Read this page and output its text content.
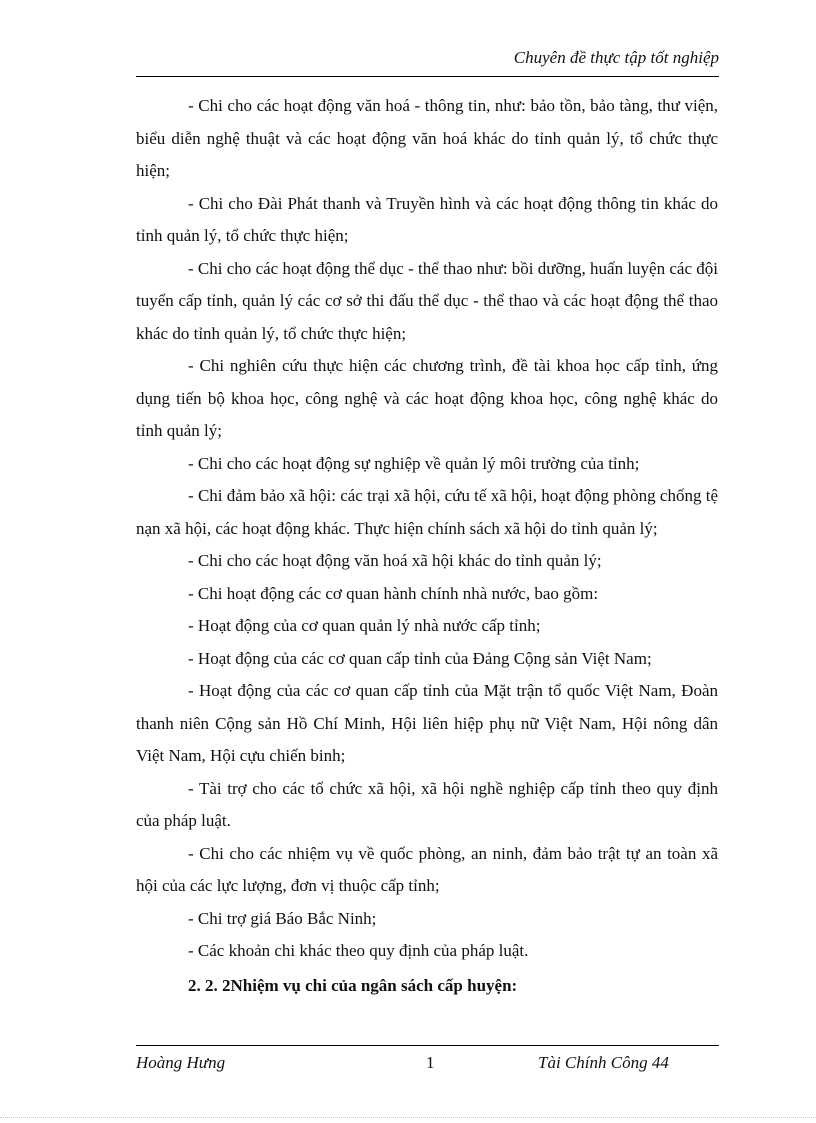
Chuyên đề thực tập tốt nghiệp

- Chi cho các hoạt động văn hoá - thông tin, như: bảo tồn, bảo tàng, thư viện, biểu diễn nghệ thuật và các hoạt động văn hoá khác do tỉnh quản lý, tổ chức thực hiện;

- Chi cho Đài Phát thanh và Truyền hình và các hoạt động thông tin khác do tỉnh quản lý, tổ chức thực hiện;

- Chi cho các hoạt động thể dục - thể thao như: bồi dưỡng, huấn luyện các đội tuyển cấp tỉnh, quản lý các cơ sở thi đấu thể dục - thể thao và các hoạt động thể thao khác do tỉnh quản lý, tổ chức thực hiện;

- Chi nghiên cứu thực hiện các chương trình, đề tài khoa học cấp tỉnh, ứng dụng tiến bộ khoa học, công nghệ và các hoạt động khoa học, công nghệ khác do tỉnh quản lý;

- Chi cho các hoạt động sự nghiệp về quản lý môi trường của tỉnh;

- Chi đảm bảo xã hội: các trại xã hội, cứu tế xã hội, hoạt động phòng chống tệ nạn xã hội, các hoạt động khác. Thực hiện chính sách xã hội do tỉnh quản lý;

- Chi cho các hoạt động văn hoá xã hội khác do tỉnh quản lý;

- Chi hoạt động các cơ quan hành chính nhà nước, bao gồm:

- Hoạt động của cơ quan quản lý nhà nước cấp tỉnh;

- Hoạt động của các cơ quan cấp tỉnh của Đảng Cộng sản Việt Nam;

- Hoạt động của các cơ quan cấp tỉnh của Mặt trận tổ quốc Việt Nam, Đoàn thanh niên Cộng sản Hồ Chí Minh, Hội liên hiệp phụ nữ Việt Nam, Hội nông dân Việt Nam, Hội cựu chiến binh;

- Tài trợ cho các tổ chức xã hội, xã hội nghề nghiệp cấp tỉnh theo quy định của pháp luật.

- Chi cho các nhiệm vụ về quốc phòng, an ninh, đảm bảo trật tự an toàn xã hội của các lực lượng, đơn vị thuộc cấp tỉnh;

- Chi trợ giá Báo Bắc Ninh;

- Các khoản chi khác theo quy định của pháp luật.

2. 2. 2Nhiệm vụ chi của ngân sách cấp huyện:

Hoàng Hưng	1	Tài Chính Công 44
